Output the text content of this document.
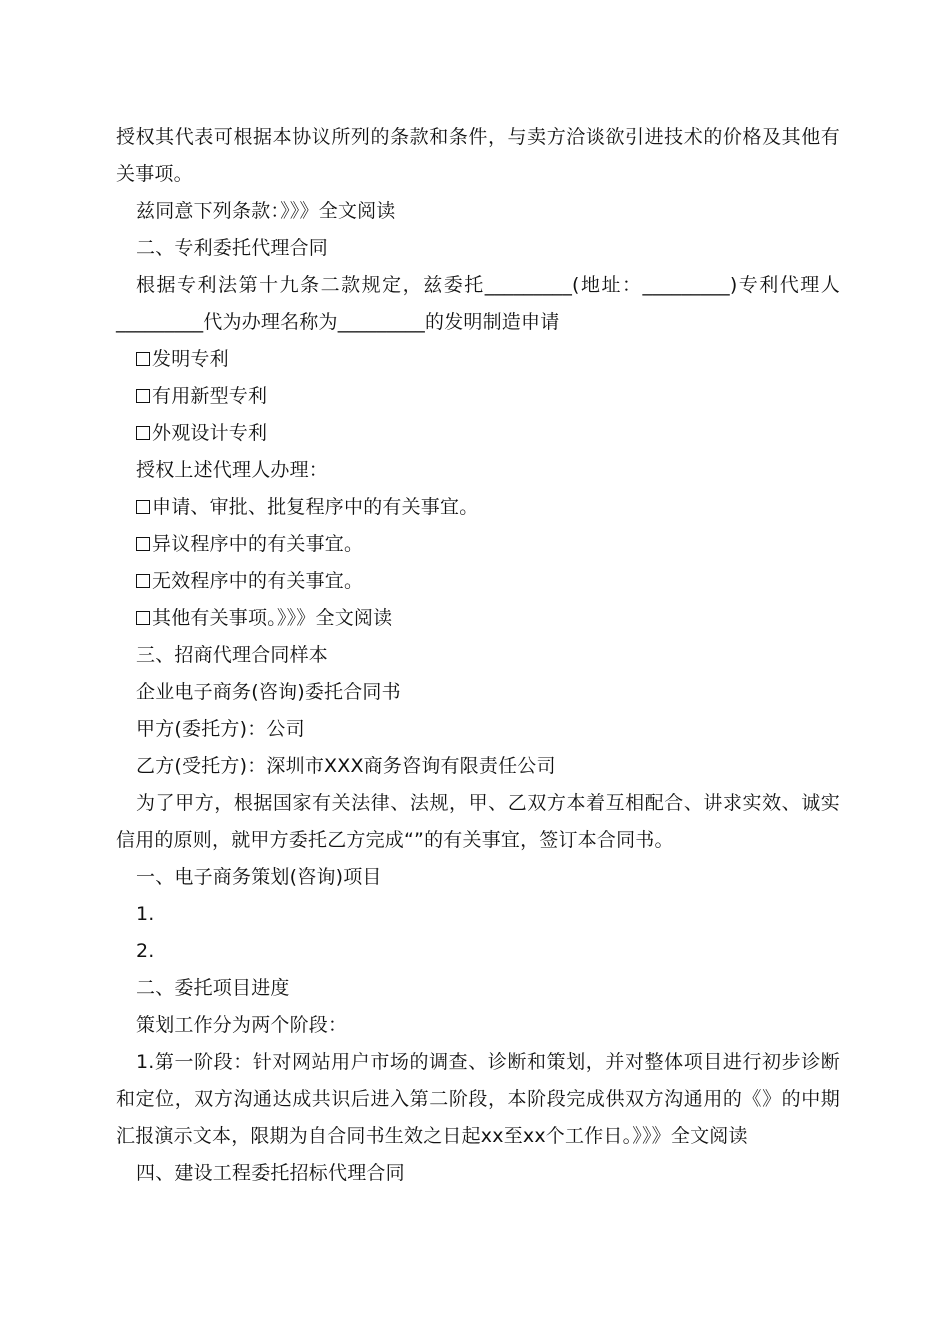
授权其代表可根据本协议所列的条款和条件，与卖方洽谈欲引进技术的价格及其他有关事项。

兹同意下列条款：》》》全文阅读

二、专利委托代理合同

根据专利法第十九条二款规定，兹委托_________(地址：_________)专利代理人_________代为办理名称为_________的发明制造申请

发明专利

有用新型专利

外观设计专利

授权上述代理人办理：

申请、审批、批复程序中的有关事宜。

异议程序中的有关事宜。

无效程序中的有关事宜。

其他有关事项。》》》全文阅读

三、招商代理合同样本

企业电子商务(咨询)委托合同书

甲方(委托方)：公司

乙方(受托方)：深圳市XXX商务咨询有限责任公司

为了甲方，根据国家有关法律、法规，甲、乙双方本着互相配合、讲求实效、诚实信用的原则，就甲方委托乙方完成“”的有关事宜，签订本合同书。

一、电子商务策划(咨询)项目

1.

2.

二、委托项目进度

策划工作分为两个阶段：

1.第一阶段：针对网站用户市场的调查、诊断和策划，并对整体项目进行初步诊断和定位，双方沟通达成共识后进入第二阶段，本阶段完成供双方沟通用的《》的中期汇报演示文本，限期为自合同书生效之日起xx至xx个工作日。》》》全文阅读

四、建设工程委托招标代理合同
